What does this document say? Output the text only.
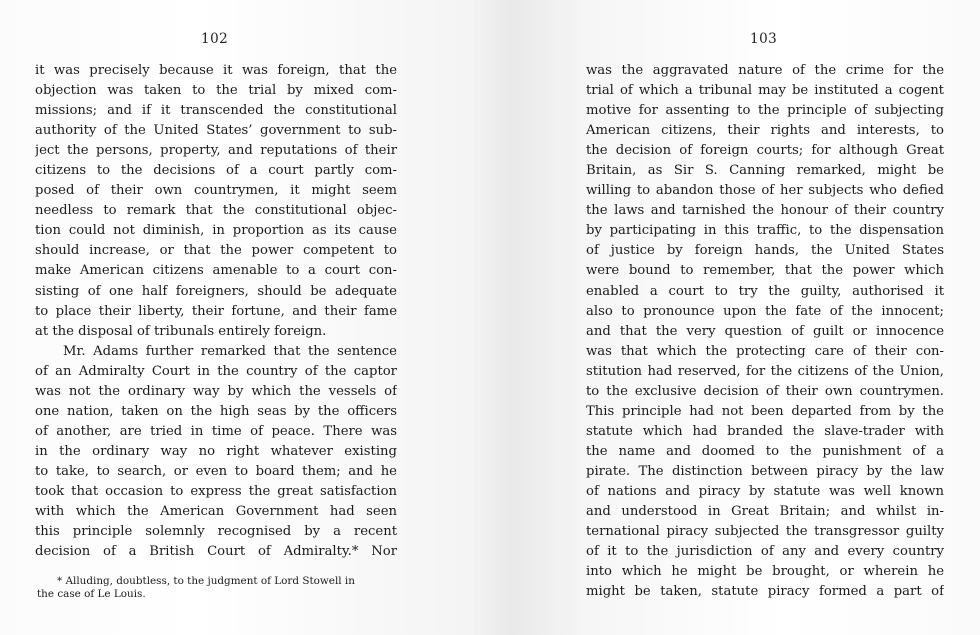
102	103
it was precisely because it was foreign, that the
objection was taken to the trial by mixed com-
missions; and if it transcended the constitutional
authority of the United States’ government to sub-
ject the persons, property, and reputations of their
citizens to the decisions of a court partly com-
posed of their own countrymen, it might seem
needless to remark that the constitutional objec-
tion could not diminish, in proportion as its cause
should increase, or that the power competent to
make American citizens amenable to a court con-
sisting of one half foreigners, should be adequate
to place their liberty, their fortune, and their fame
at the disposal of tribunals entirely foreign.
Mr. Adams further remarked that the sentence
of an Admiralty Court in the country of the captor
was not the ordinary way by which the vessels of
one nation, taken on the high seas by the officers
of another, are tried in time of peace. There was
in the ordinary way no right whatever existing
to take, to search, or even to board them; and he
took that occasion to express the great satisfaction
with which the American Government had seen
this principle solemnly recognised by a recent
decision of a British Court of Admiralty.* Nor
* Alluding, doubtless, to the judgment of Lord Stowell in
the case of Le Louis.
was the aggravated nature of the crime for the
trial of which a tribunal may be instituted a cogent
motive for assenting to the principle of subjecting
American citizens, their rights and interests, to
the decision of foreign courts; for although Great
Britain, as Sir S. Canning remarked, might be
willing to abandon those of her subjects who defied
the laws and tarnished the honour of their country
by participating in this traffic, to the dispensation
of justice by foreign hands, the United States
were bound to remember, that the power which
enabled a court to try the guilty, authorised it
also to pronounce upon the fate of the innocent;
and that the very question of guilt or innocence
was that which the protecting care of their con-
stitution had reserved, for the citizens of the Union,
to the exclusive decision of their own countrymen.
This principle had not been departed from by the
statute which had branded the slave-trader with
the name and doomed to the punishment of a
pirate. The distinction between piracy by the law
of nations and piracy by statute was well known
and understood in Great Britain; and whilst in-
ternational piracy subjected the transgressor guilty
of it to the jurisdiction of any and every country
into which he might be brought, or wherein he
might be taken, statute piracy formed a part of
